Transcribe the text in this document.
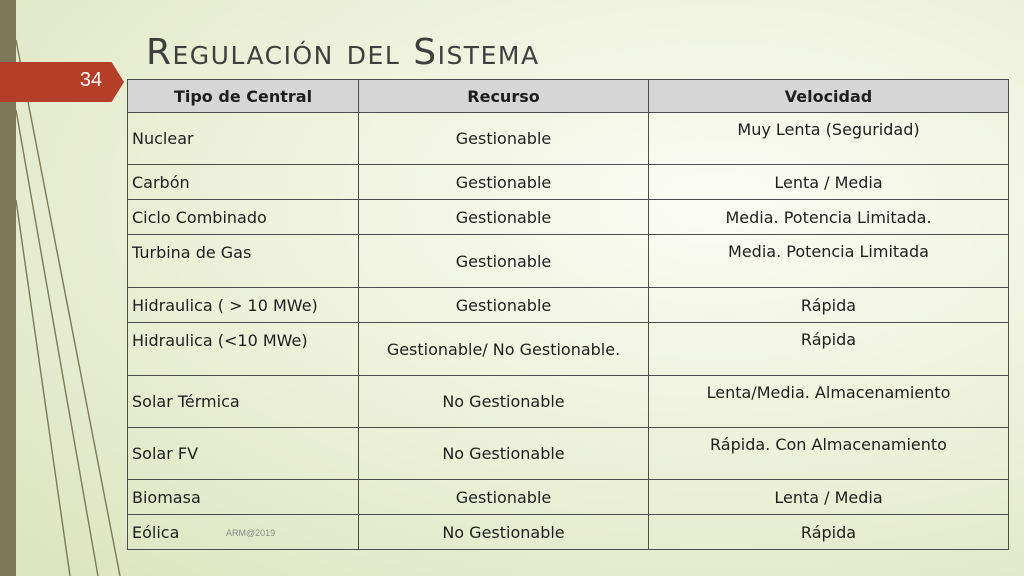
Regulación del Sistema
34
Tipo de Central	Recurso	Velocidad
Nuclear	Gestionable	Muy Lenta (Seguridad)
Carbón	Gestionable	Lenta / Media
Ciclo Combinado	Gestionable	Media. Potencia Limitada.
Turbina de Gas	Gestionable	Media. Potencia Limitada
Hidraulica ( > 10 MWe)	Gestionable	Rápida
Hidraulica (<10 MWe)	Gestionable/ No Gestionable.	Rápida
Solar Térmica	No Gestionable	Lenta/Media. Almacenamiento
Solar FV	No Gestionable	Rápida. Con Almacenamiento
Biomasa	Gestionable	Lenta / Media
Eólica	No Gestionable	Rápida
ARM@2019
